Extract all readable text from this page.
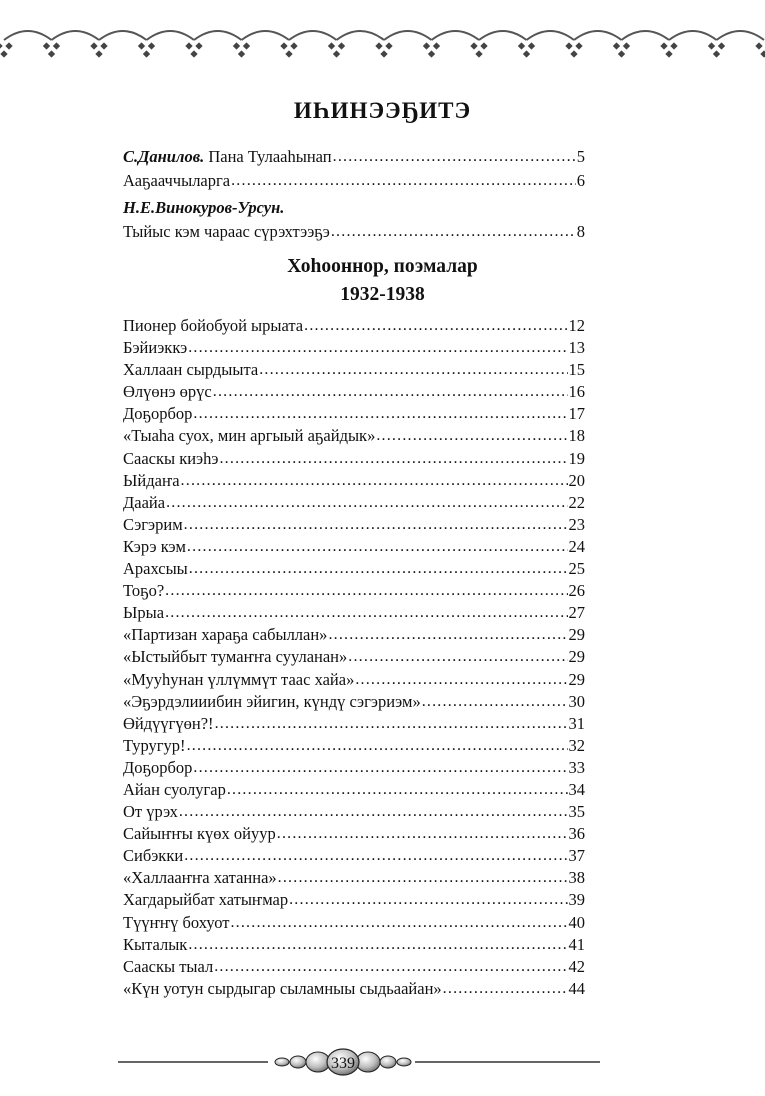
ИҺИНЭЭҔИТЭ
С.Данилов. Пана Тулааһынап .....	5
Ааҕааччыларга .....	6
Н.Е.Винокуров-Урсун.
Тыйыс кэм чараас сүрэхтээҕэ .....	8
Хоһооннор, поэмалар
1932-1938
Пионер бойобуой ырыата .....	12
Бэйиэккэ .....	13
Халлаан сырдыыта .....	15
Өлүөнэ өрүс .....	16
Доҕорбор .....	17
«Тыаһа суох, мин аргыый аҕайдык» .....	18
Сааскы киэһэ .....	19
Ыйдаҥа .....	20
Даайа .....	22
Сэгэрим .....	23
Кэрэ кэм .....	24
Арахсыы .....	25
Тоҕо? .....	26
Ырыа .....	27
«Партизан хараҕа сабыллан» .....	29
«Ыстыйбыт тумаҥҥа сууланан» .....	29
«Мууһунан үллүммүт таас хайа» .....	29
«Эҕэрдэлииибин эйигин, күндү сэгэриэм» .....	30
Өйдүүгүөн?! .....	31
Туругур! .....	32
Доҕорбор .....	33
Айан суолугар .....	34
От үрэх .....	35
Сайыҥҥы күөх ойуур .....	36
Сибэкки .....	37
«Халлааҥҥа хатанна» .....	38
Хагдарыйбат хатыҥмар .....	39
Түүҥҥү бохуот .....	40
Кыталык .....	41
Сааскы тыал .....	42
«Күн уотун сырдыгар сыламныы сыдьаайан» .....	44
339
